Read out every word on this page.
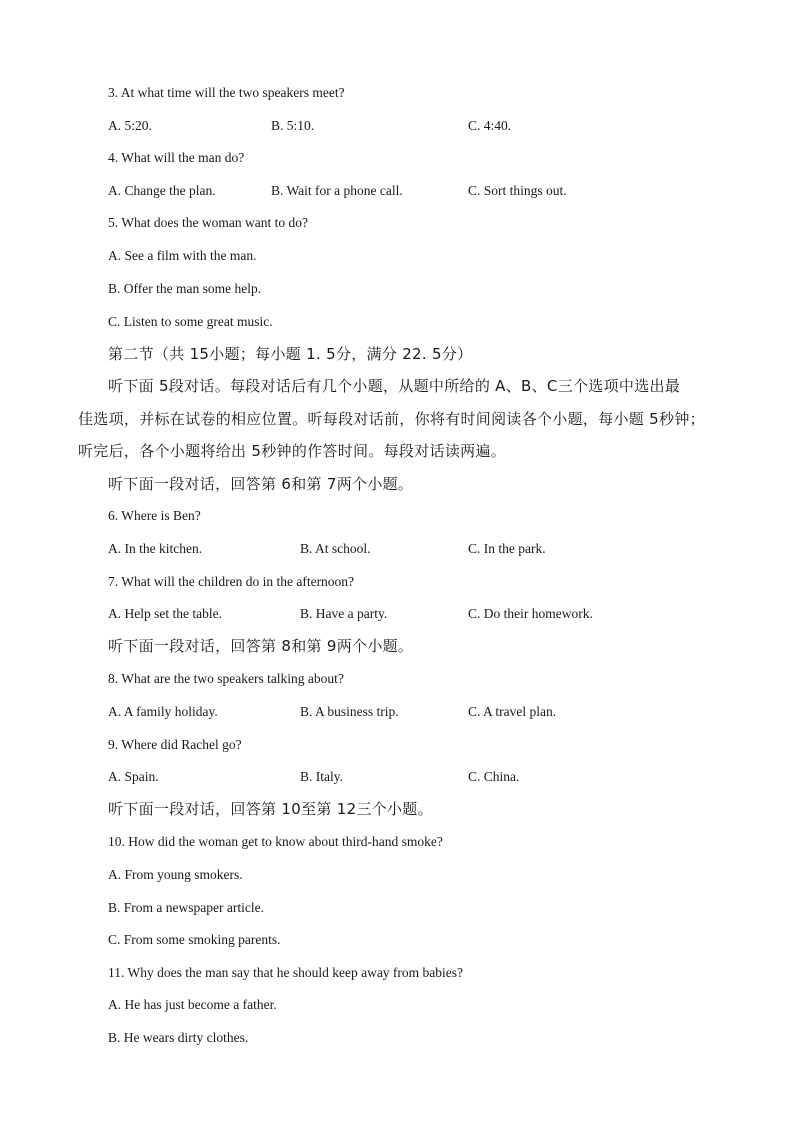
3. At what time will the two speakers meet?
A. 5:20.	B. 5:10.	C. 4:40.
4. What will the man do?
A. Change the plan.	B. Wait for a phone call.	C. Sort things out.
5. What does the woman want to do?
A. See a film with the man.
B. Offer the man some help.
C. Listen to some great music.
第二节（共 15小题；每小题 1. 5分，满分 22. 5分）
听下面 5段对话。每段对话后有几个小题，从题中所给的 A、B、C三个选项中选出最
佳选项，并标在试卷的相应位置。听每段对话前，你将有时间阅读各个小题，每小题 5秒钟；
听完后，各个小题将给出 5秒钟的作答时间。每段对话读两遍。
听下面一段对话，回答第 6和第 7两个小题。
6. Where is Ben?
A. In the kitchen.	B. At school.	C. In the park.
7. What will the children do in the afternoon?
A. Help set the table.	B. Have a party.	C. Do their homework.
听下面一段对话，回答第 8和第 9两个小题。
8. What are the two speakers talking about?
A. A family holiday.	B. A business trip.	C. A travel plan.
9. Where did Rachel go?
A. Spain.	B. Italy.	C. China.
听下面一段对话，回答第 10至第 12三个小题。
10. How did the woman get to know about third-hand smoke?
A. From young smokers.
B. From a newspaper article.
C. From some smoking parents.
11. Why does the man say that he should keep away from babies?
A. He has just become a father.
B. He wears dirty clothes.
